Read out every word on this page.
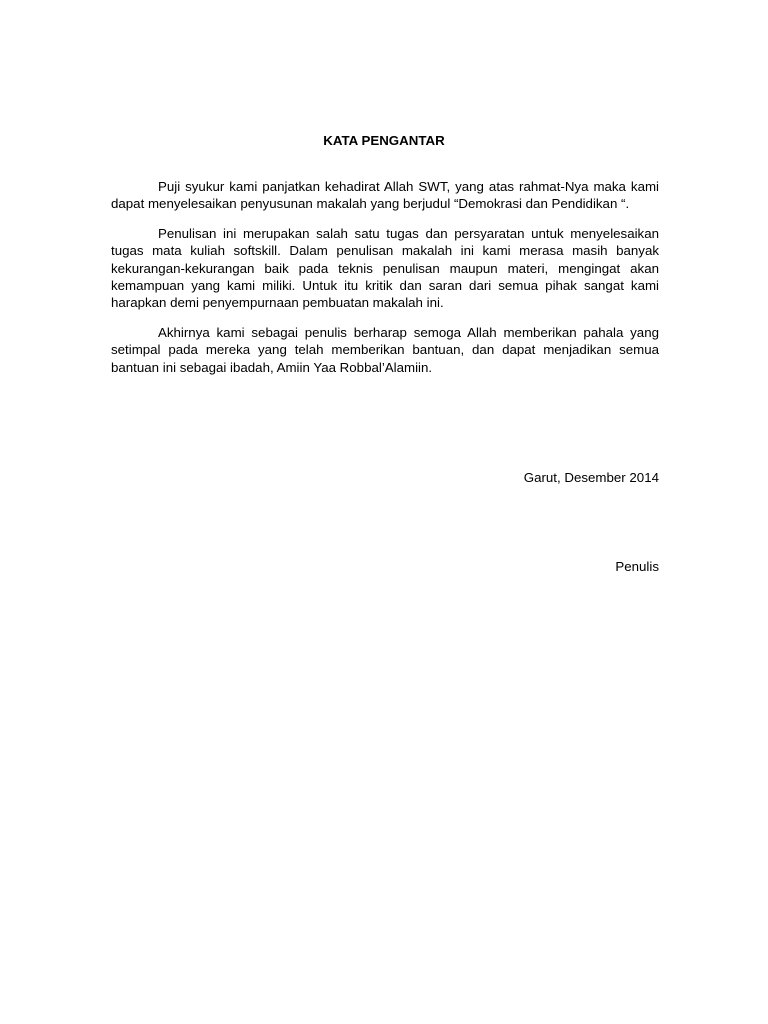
KATA PENGANTAR

Puji syukur kami panjatkan kehadirat Allah SWT, yang atas rahmat-Nya maka kami dapat menyelesaikan penyusunan makalah yang berjudul “Demokrasi dan Pendidikan “.

Penulisan ini merupakan salah satu tugas dan persyaratan untuk menyelesaikan tugas mata kuliah softskill. Dalam penulisan makalah ini kami merasa masih banyak kekurangan-kekurangan baik pada teknis penulisan maupun materi, mengingat akan kemampuan yang kami miliki. Untuk itu kritik dan saran dari semua pihak sangat kami harapkan demi penyempurnaan pembuatan makalah ini.

Akhirnya kami sebagai penulis berharap semoga Allah memberikan pahala yang setimpal pada mereka yang telah memberikan bantuan, dan dapat menjadikan semua bantuan ini sebagai ibadah, Amiin Yaa Robbal’Alamiin.

Garut, Desember 2014

Penulis
